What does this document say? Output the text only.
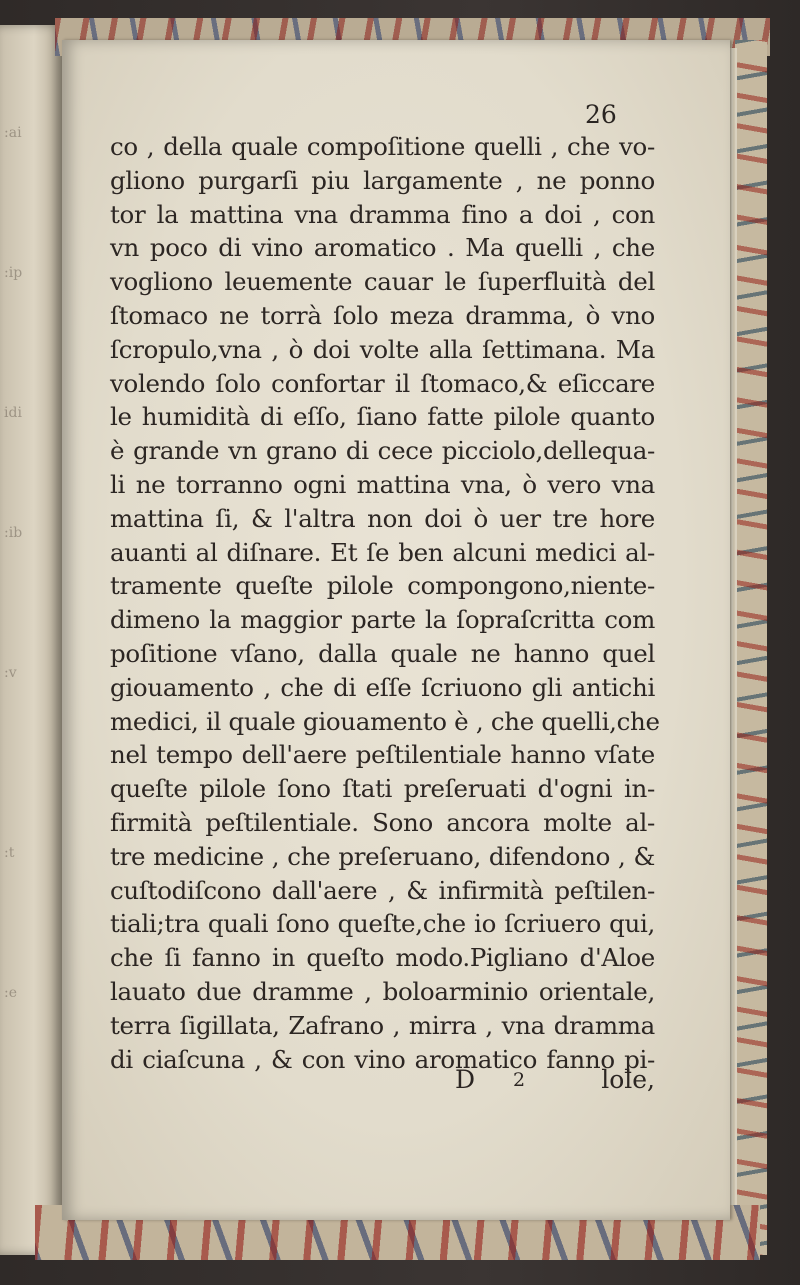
:ai
:ip
idi
:ib
:v
:t
:e
26
co , della quale compoſitione quelli , che vo-
gliono purgarſi piu largamente , ne ponno
tor la mattina vna dramma fino a doi , con
vn poco di vino aromatico . Ma quelli , che
vogliono leuemente cauar le ſuperfluità del
ſtomaco ne torrà ſolo meza dramma, ò vno
ſcropulo,vna , ò doi volte alla ſettimana. Ma
volendo ſolo confortar il ſtomaco,& eſiccare
le humidità di eſſo, ſiano fatte pilole quanto
è grande vn grano di cece picciolo,dellequa-
li ne torranno ogni mattina vna, ò vero vna
mattina ſi, & l'altra non doi ò uer tre hore
auanti al diſnare. Et ſe ben alcuni medici al-
tramente queſte pilole compongono,niente-
dimeno la maggior parte la ſopraſcritta com
poſitione vſano, dalla quale ne hanno quel
giouamento , che di eſſe ſcriuono gli antichi
medici, il quale giouamento è , che quelli,che
nel tempo dell'aere peſtilentiale hanno vſate
queſte pilole ſono ſtati preſeruati d'ogni in-
firmità peſtilentiale. Sono ancora molte al-
tre medicine , che preſeruano, difendono , &
cuſtodiſcono dall'aere , & infirmità peſtilen-
tiali;tra quali ſono queſte,che io ſcriuero qui,
che ſi fanno in queſto modo.Pigliano d'Aloe
lauato due dramme , boloarminio orientale,
terra ſigillata, Zafrano , mirra , vna dramma
di ciaſcuna , & con vino aromatico fanno pi-
D 2	lole,
